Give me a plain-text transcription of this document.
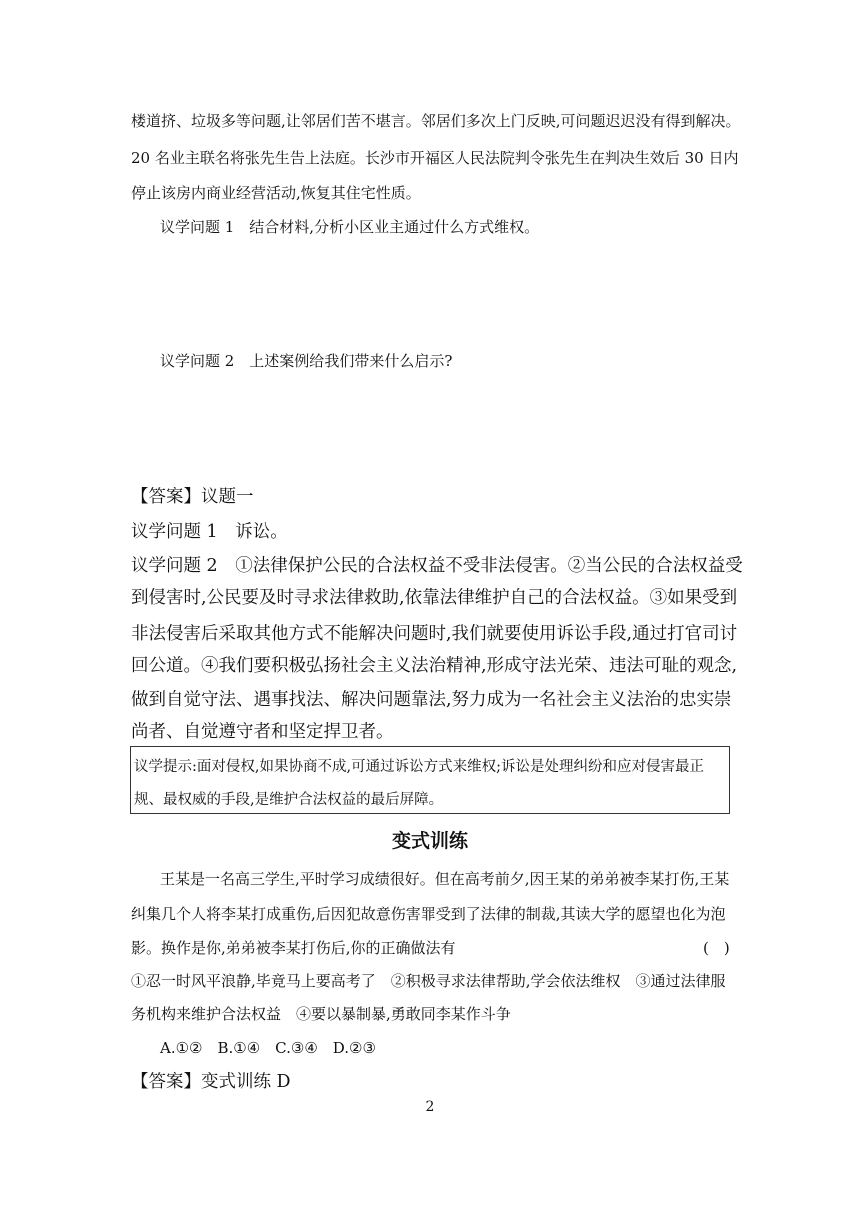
楼道挤、垃圾多等问题,让邻居们苦不堪言。邻居们多次上门反映,可问题迟迟没有得到解决。
20 名业主联名将张先生告上法庭。长沙市开福区人民法院判令张先生在判决生效后 30 日内
停止该房内商业经营活动,恢复其住宅性质。
议学问题 1　结合材料,分析小区业主通过什么方式维权。
议学问题 2　上述案例给我们带来什么启示?
【答案】议题一
议学问题 1　诉讼。
议学问题 2　①法律保护公民的合法权益不受非法侵害。②当公民的合法权益受
到侵害时,公民要及时寻求法律救助,依靠法律维护自己的合法权益。③如果受到
非法侵害后采取其他方式不能解决问题时,我们就要使用诉讼手段,通过打官司讨
回公道。④我们要积极弘扬社会主义法治精神,形成守法光荣、违法可耻的观念,
做到自觉守法、遇事找法、解决问题靠法,努力成为一名社会主义法治的忠实崇
尚者、自觉遵守者和坚定捍卫者。
议学提示:面对侵权,如果协商不成,可通过诉讼方式来维权;诉讼是处理纠纷和应对侵害最正
规、最权威的手段,是维护合法权益的最后屏障。
变式训练
王某是一名高三学生,平时学习成绩很好。但在高考前夕,因王某的弟弟被李某打伤,王某
纠集几个人将李某打成重伤,后因犯故意伤害罪受到了法律的制裁,其读大学的愿望也化为泡
影。换作是你,弟弟被李某打伤后,你的正确做法有	(　)
①忍一时风平浪静,毕竟马上要高考了　②积极寻求法律帮助,学会依法维权　③通过法律服
务机构来维护合法权益　④要以暴制暴,勇敢同李某作斗争
A.①②　B.①④　C.③④　D.②③
【答案】变式训练 D
2
